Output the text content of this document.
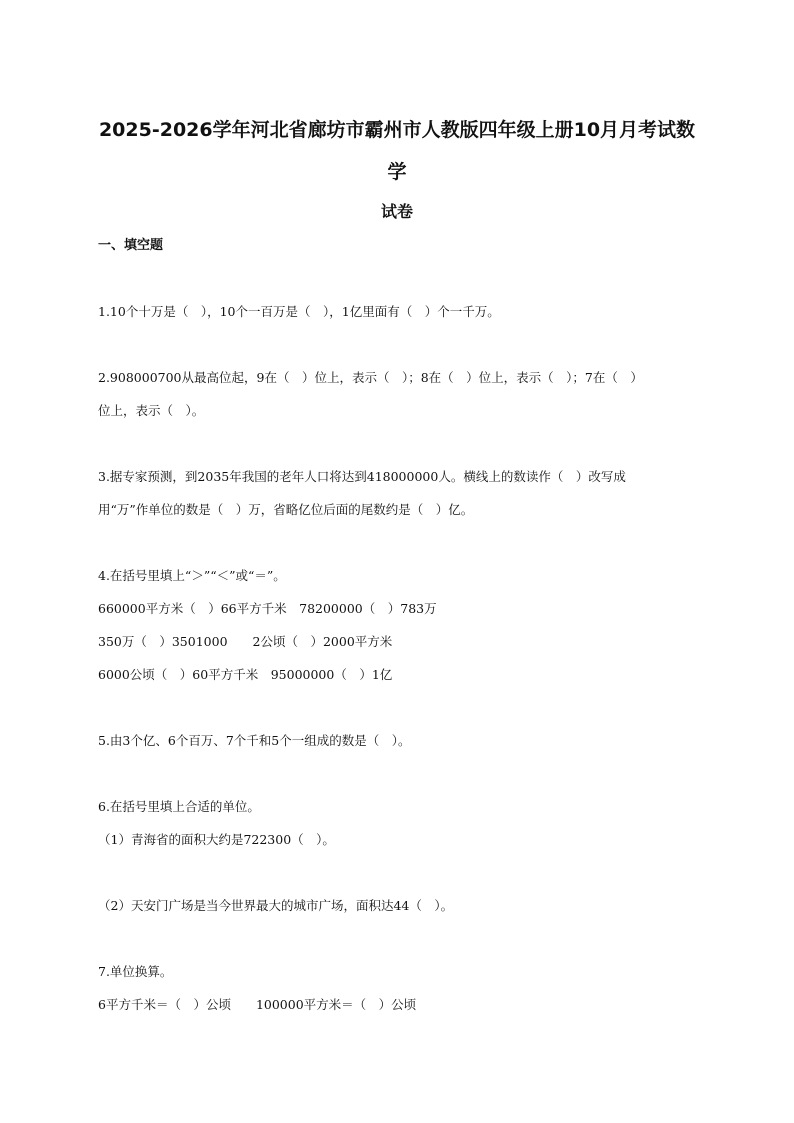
2025-2026学年河北省廊坊市霸州市人教版四年级上册10月月考试数
学
试卷
一、填空题
1.10个十万是（　），10个一百万是（　），1亿里面有（　）个一千万。
2.908000700从最高位起，9在（　）位上，表示（　）；8在（　）位上，表示（　）；7在（　）
位上，表示（　）。
3.据专家预测，到2035年我国的老年人口将达到418000000人。横线上的数读作（　）改写成
用“万”作单位的数是（　）万，省略亿位后面的尾数约是（　）亿。
4.在括号里填上“＞”“＜”或“＝”。
660000平方米（　）66平方千米　78200000（　）783万
350万（　）3501000　　2公顷（　）2000平方米
6000公顷（　）60平方千米　95000000（　）1亿
5.由3个亿、6个百万、7个千和5个一组成的数是（　）。
6.在括号里填上合适的单位。
（1）青海省的面积大约是722300（　）。
（2）天安门广场是当今世界最大的城市广场，面积达44（　）。
7.单位换算。
6平方千米＝（　）公顷　　100000平方米＝（　）公顷
